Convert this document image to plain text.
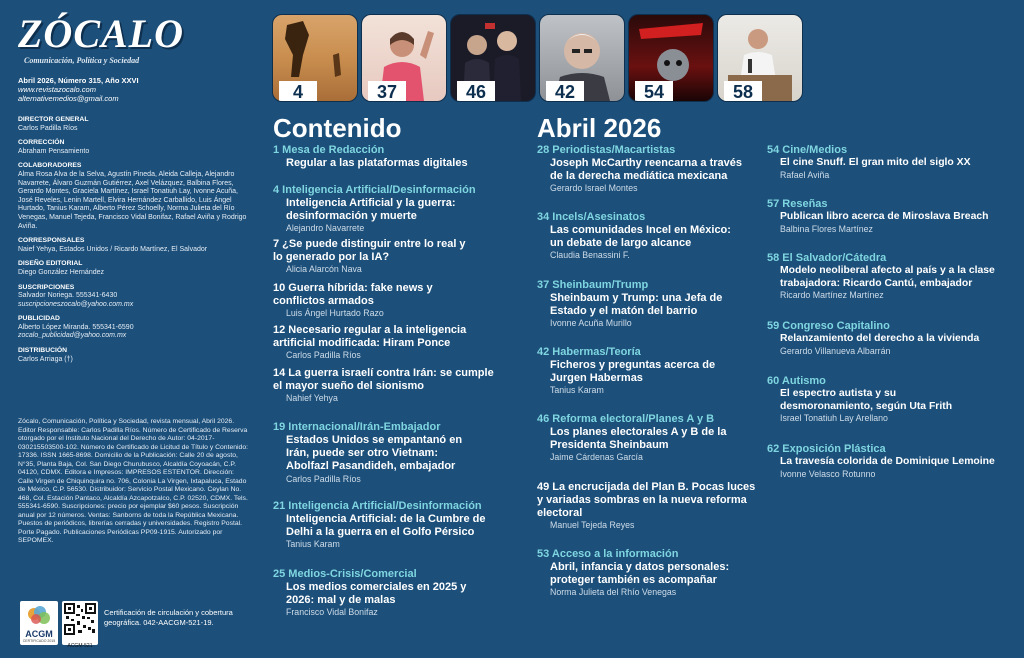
ZÓCALO
Comunicación, Política y Sociedad
Abril 2026, Número 315, Año XXVI
www.revistazocalo.com
alternativemedios@gmail.com
DIRECTOR GENERAL
Carlos Padilla Ríos
CORRECCIÓN
Abraham Pensamiento
COLABORADORES
Alma Rosa Alva de la Selva, Agustín Pineda, Aleida Calleja, Alejandro Navarrete, Álvaro Guzmán Gutiérrez, Axel Velázquez, Balbina Flores, Gerardo Montes, Graciela Martínez, Israel Tonatiuh Lay, Ivonne Acuña, José Reveles, Lenin Martell, Elvira Hernández Carballido, Luis Ángel Hurtado, Tanius Karam, Alberto Pérez Schoelly, Norma Julieta del Río Venegas, Manuel Tejeda, Francisco Vidal Bonifaz, Rafael Aviña y Rodrigo Aviña.
CORRESPONSALES
Naief Yehya, Estados Unidos / Ricardo Martínez, El Salvador
DISEÑO EDITORIAL
Diego González Hernández
SUSCRIPCIONES
Salvador Noriega. 555341-6430
suscripcioneszocalo@yahoo.com.mx
PUBLICIDAD
Alberto López Miranda. 555341-6590
zocalo_publicidad@yahoo.com.mx
DISTRIBUCIÓN
Carlos Arriaga (†)
Zócalo, Comunicación, Política y Sociedad, revista mensual, Abril 2026. Editor Responsable: Carlos Padilla Ríos. Número de Certificado de Reserva otorgado por el Instituto Nacional del Derecho de Autor: 04-2017-030215503500-102. Número de Certificado de Licitud de Título y Contenido: 17336. ISSN 1665-8698. Domicilio de la Publicación: Calle 20 de agosto, N°35, Planta Baja, Col. San Diego Churubusco, Alcaldía Coyoacán, C.P. 04120, CDMX. Editora e Impresos: IMPRESOS ESTENTOR. Dirección: Calle Virgen de Chiquinquira no. 706, Colonia La Virgen, Ixtapaluca, Estado de México, C.P. 56530. Distribuidor: Servicio Postal Mexicano. Ceylan No. 468, Col. Estación Pantaco, Alcaldía Azcapotzalco, C.P. 02520, CDMX. Tels. 555341-6590. Suscripciones: precio por ejemplar $60 pesos. Suscripción anual por 12 números. Ventas: Sanborns de toda la República Mexicana. Puestos de periódicos, librerías cerradas y universidades. Registro Postal. Porte Pagado. Publicaciones Periódicas PP09-1915. Autorizado por SEPOMEX.
ACGM
CERTIFICADO 2015
ACGM-521
Certificación de circulación y cobertura geográfica. 042-AACGM-521-19.
4	37	46	42	54	58
Contenido	Abril 2026
1 Mesa de Redacción
Regular a las plataformas digitales
4 Inteligencia Artificial/Desinformación
Inteligencia Artificial y la guerra: desinformación y muerte
Alejandro Navarrete
7 ¿Se puede distinguir entre lo real y lo generado por la IA?
Alicia Alarcón Nava
10 Guerra híbrida: fake news y conflictos armados
Luis Ángel Hurtado Razo
12 Necesario regular a la inteligencia artificial modificada: Hiram Ponce
Carlos Padilla Ríos
14 La guerra israelí contra Irán: se cumple el mayor sueño del sionismo
Nahief Yehya
19 Internacional/Irán-Embajador
Estados Unidos se empantanó en Irán, puede ser otro Vietnam: Abolfazl Pasandideh, embajador
Carlos Padilla Ríos
21 Inteligencia Artificial/Desinformación
Inteligencia Artificial: de la Cumbre de Delhi a la guerra en el Golfo Pérsico
Tanius Karam
25 Medios-Crisis/Comercial
Los medios comerciales en 2025 y 2026: mal y de malas
Francisco Vidal Bonifaz
28 Periodistas/Macartistas
Joseph McCarthy reencarna a través de la derecha mediática mexicana
Gerardo Israel Montes
34 Incels/Asesinatos
Las comunidades Incel en México: un debate de largo alcance
Claudia Benassini F.
37 Sheinbaum/Trump
Sheinbaum y Trump: una Jefa de Estado y el matón del barrio
Ivonne Acuña Murillo
42 Habermas/Teoría
Ficheros y preguntas acerca de Jurgen Habermas
Tanius Karam
46 Reforma electoral/Planes A y B
Los planes electorales A y B de la Presidenta Sheinbaum
Jaime Cárdenas García
49 La encrucijada del Plan B. Pocas luces y variadas sombras en la nueva reforma electoral
Manuel Tejeda Reyes
53 Acceso a la información
Abril, infancia y datos personales: proteger también es acompañar
Norma Julieta del Rhío Venegas
54 Cine/Medios
El cine Snuff. El gran mito del siglo XX
Rafael Aviña
57 Reseñas
Publican libro acerca de Miroslava Breach
Balbina Flores Martínez
58 El Salvador/Cátedra
Modelo neoliberal afecto al país y a la clase trabajadora: Ricardo Cantú, embajador
Ricardo Martínez Martínez
59 Congreso Capitalino
Relanzamiento del derecho a la vivienda
Gerardo Villanueva Albarrán
60 Autismo
El espectro autista y su desmoronamiento, según Uta Frith
Israel Tonatiuh Lay Arellano
62 Exposición Plástica
La travesía colorida de Dominique Lemoine
Ivonne Velasco Rotunno
